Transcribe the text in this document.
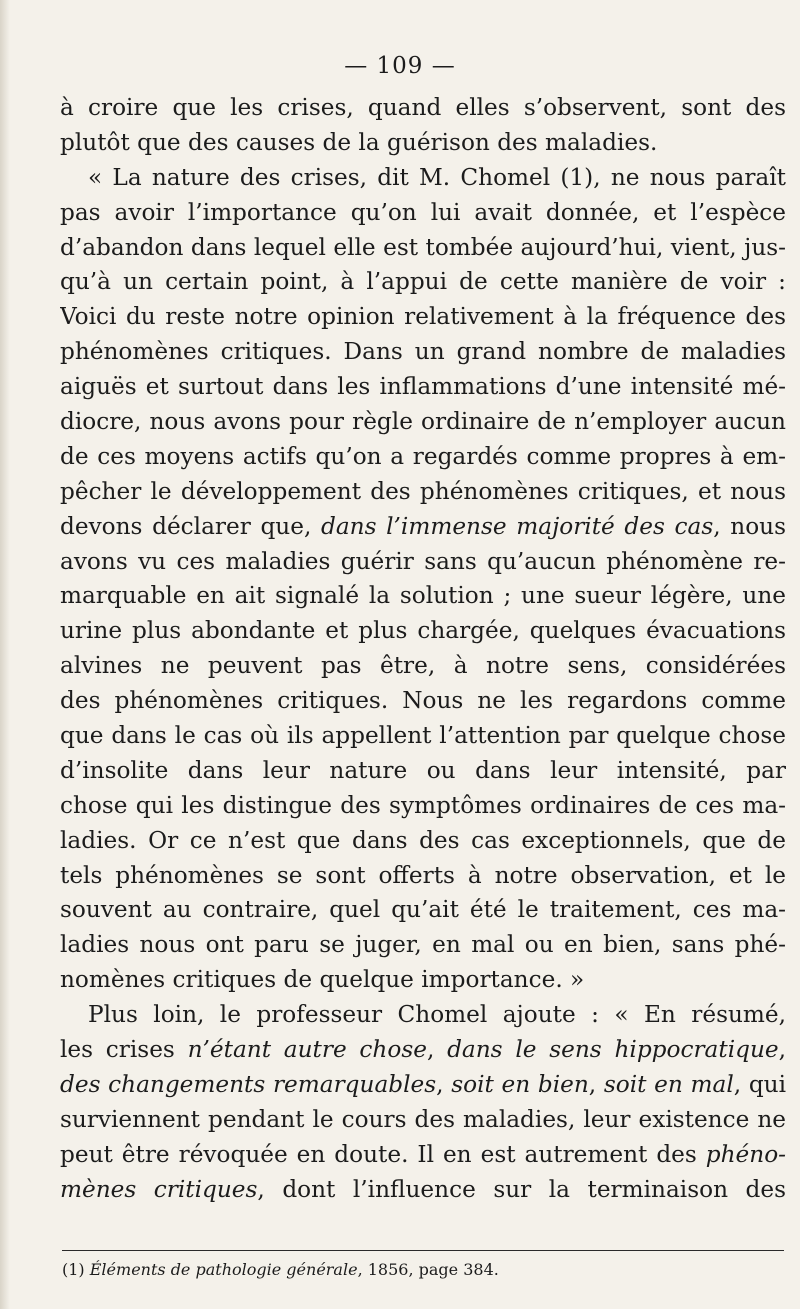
— 109 —
à croire que les crises, quand elles s’observent, sont des
plutôt que des causes de la guérison des maladies.
« La nature des crises, dit M. Chomel (1), ne nous paraît
pas avoir l’importance qu’on lui avait donnée, et l’espèce
d’abandon dans lequel elle est tombée aujourd’hui, vient, jus-
qu’à un certain point, à l’appui de cette manière de voir :
Voici du reste notre opinion relativement à la fréquence des
phénomènes critiques. Dans un grand nombre de maladies
aiguës et surtout dans les inflammations d’une intensité mé-
diocre, nous avons pour règle ordinaire de n’employer aucun
de ces moyens actifs qu’on a regardés comme propres à em-
pêcher le développement des phénomènes critiques, et nous
devons déclarer que, dans l’immense majorité des cas, nous
avons vu ces maladies guérir sans qu’aucun phénomène re-
marquable en ait signalé la solution ; une sueur légère, une
urine plus abondante et plus chargée, quelques évacuations
alvines ne peuvent pas être, à notre sens, considérées
des phénomènes critiques. Nous ne les regardons comme
que dans le cas où ils appellent l’attention par quelque chose
d’insolite dans leur nature ou dans leur intensité, par
chose qui les distingue des symptômes ordinaires de ces ma-
ladies. Or ce n’est que dans des cas exceptionnels, que de
tels phénomènes se sont offerts à notre observation, et le
souvent au contraire, quel qu’ait été le traitement, ces ma-
ladies nous ont paru se juger, en mal ou en bien, sans phé-
nomènes critiques de quelque importance. »
Plus loin, le professeur Chomel ajoute : « En résumé,
les crises n’étant autre chose, dans le sens hippocratique,
des changements remarquables, soit en bien, soit en mal, qui
surviennent pendant le cours des maladies, leur existence ne
peut être révoquée en doute. Il en est autrement des phéno-
mènes critiques, dont l’influence sur la terminaison des
(1) Éléments de pathologie générale, 1856, page 384.
